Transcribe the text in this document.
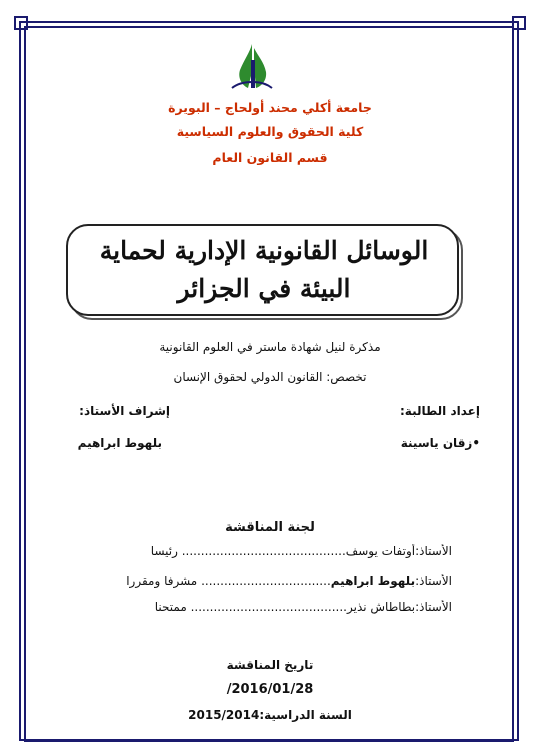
جامعة أكلي محند أولحاج – البويرة
كلية الحقوق والعلوم السياسية
قسم القانون العام
الوسائل القانونية الإدارية لحماية
البيئة في الجزائر
مذكرة لنيل شهادة ماستر في العلوم القانونية
تخصص: القانون الدولي لحقوق الإنسان
إعداد الطالبة:
إشراف الأستاذ:
•زقان ياسينة
بلهوط ابراهيم
لجنة المناقشة
الأستاذ:أوتفات يوسف........................................... رئيسا
الأستاذ:بلهوط ابراهيم.................................. مشرفا ومقررا
الأستاذ:بطاطاش نذير......................................... ممتحنا
تاريخ المناقشة
2016/01/28/
السنة الدراسية:2015/2014
